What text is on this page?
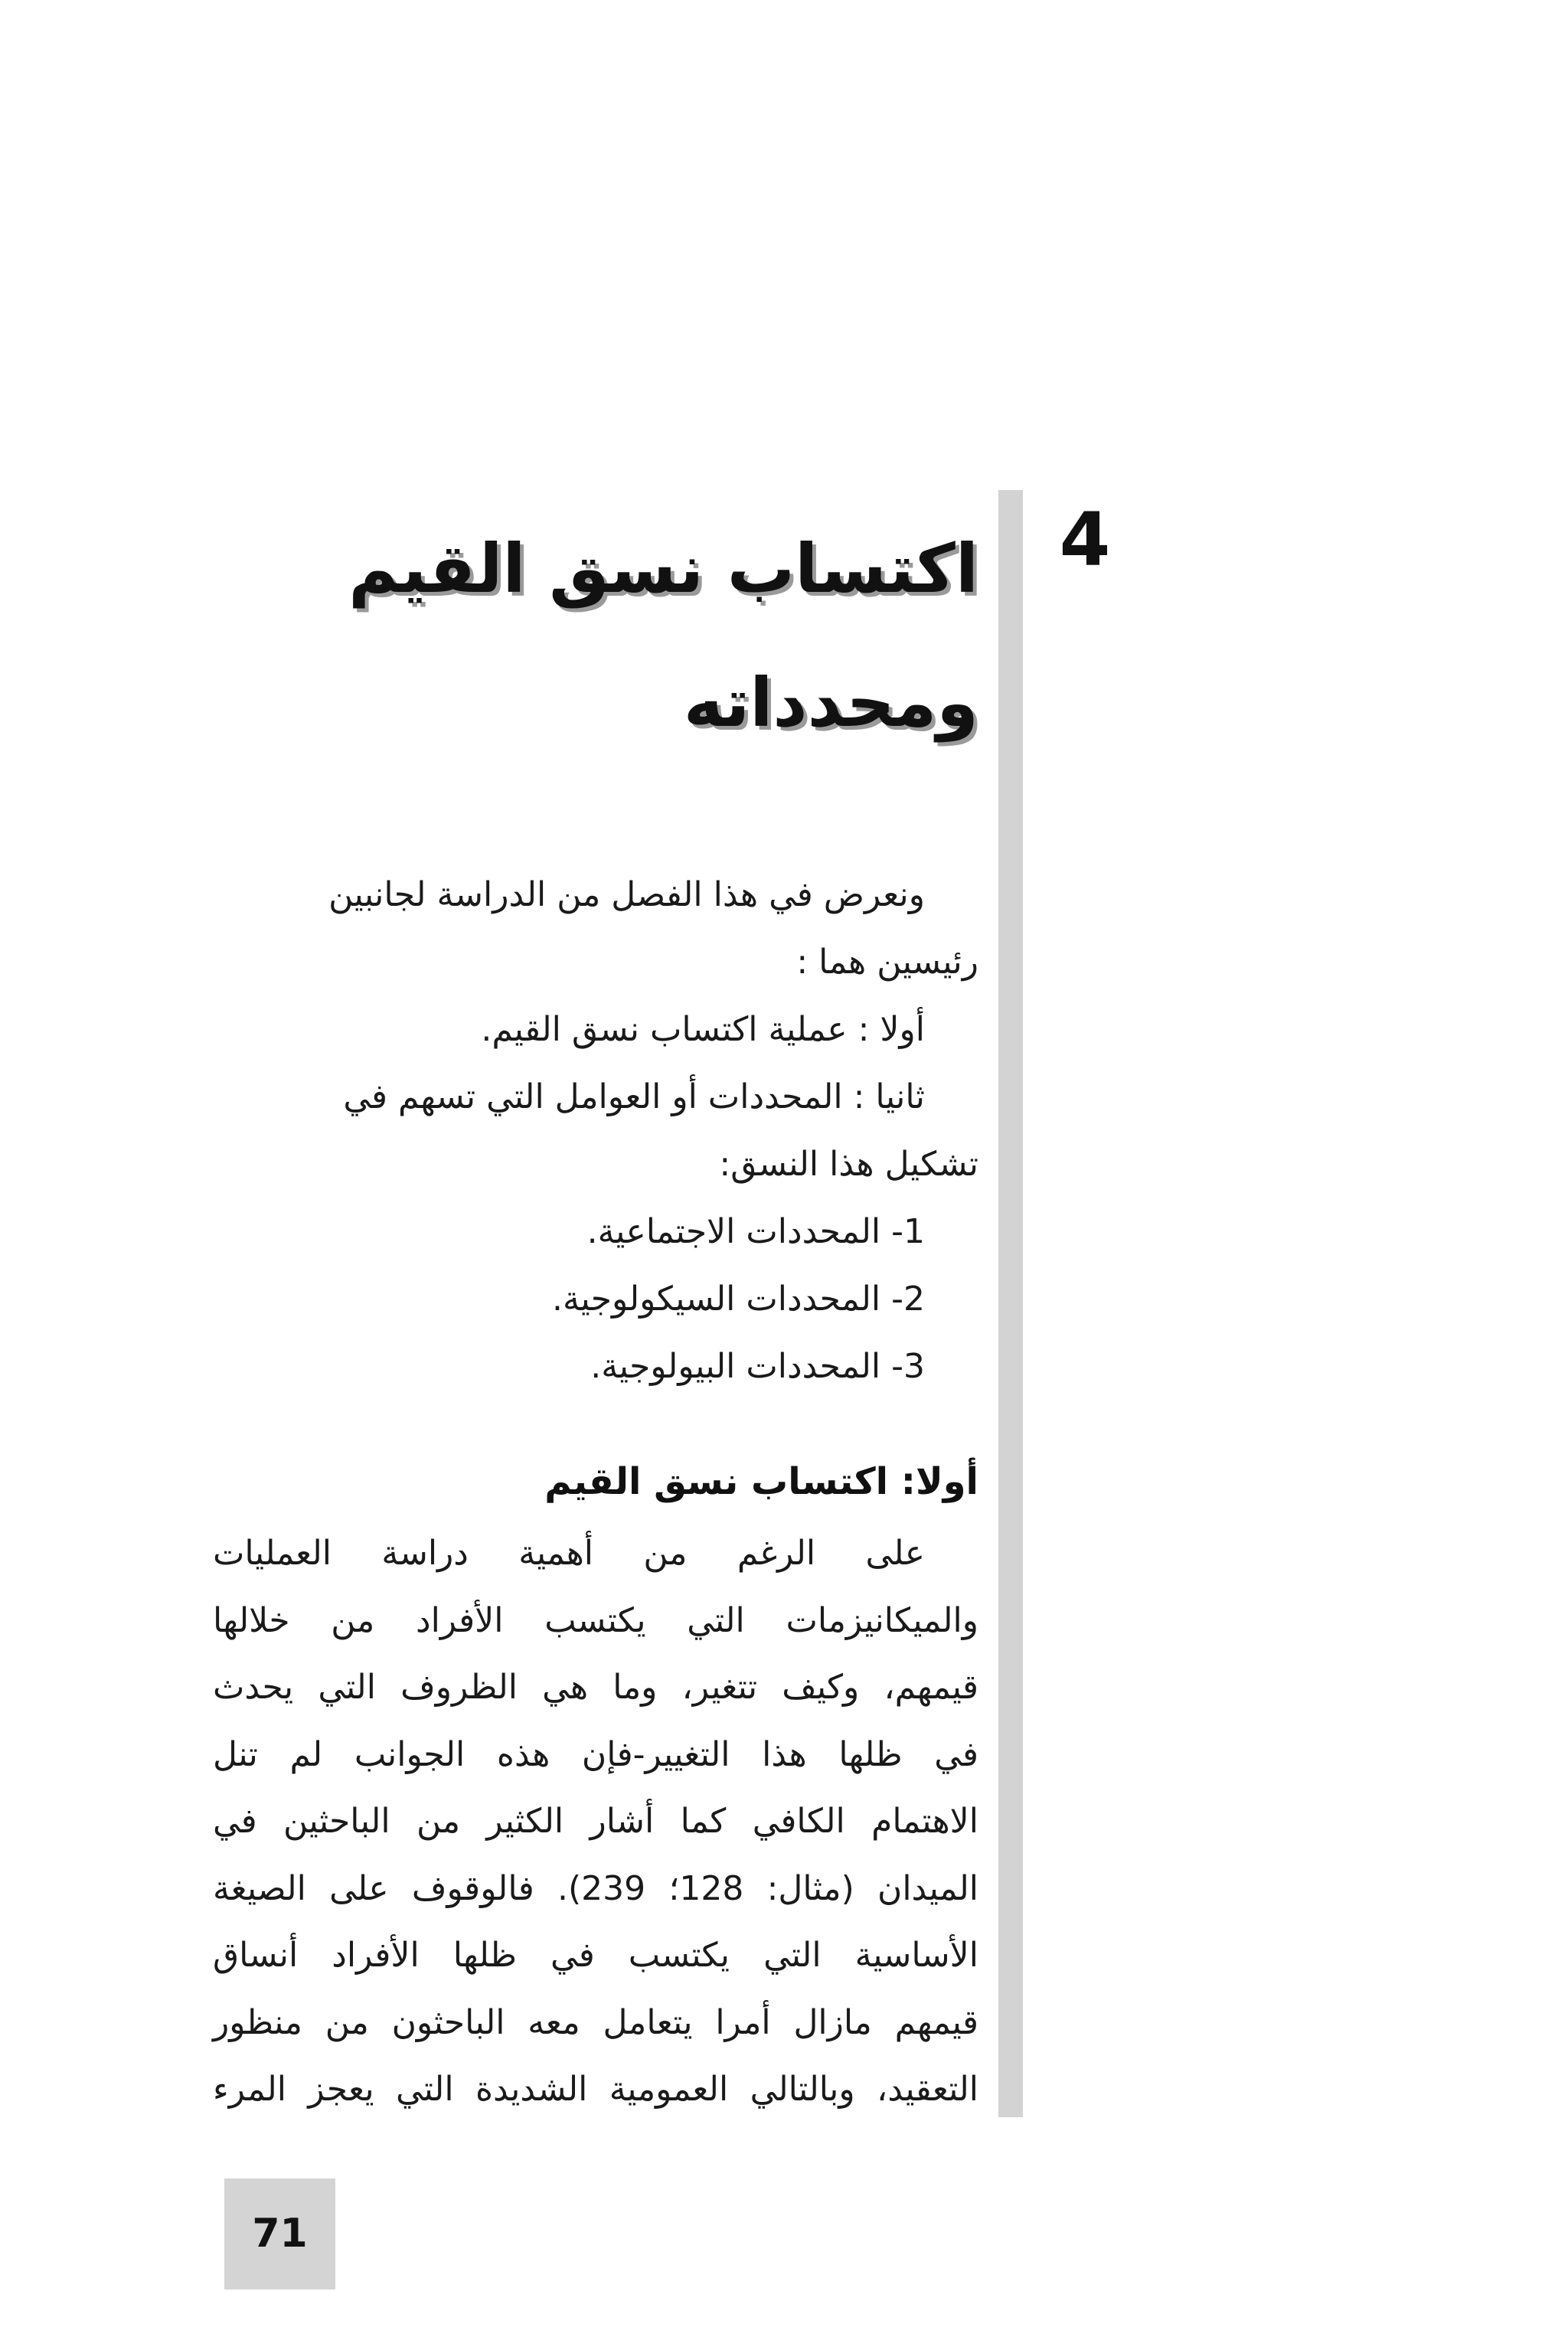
4
اكتساب نسق القيم
ومحدداته
ونعرض في هذا الفصل من الدراسة لجانبين
رئيسين هما :
أولا : عملية اكتساب نسق القيم.
ثانيا : المحددات أو العوامل التي تسهم في
تشكيل هذا النسق:
1- المحددات الاجتماعية.
2- المحددات السيكولوجية.
3- المحددات البيولوجية.
أولا: اكتساب نسق القيم
على الرغم من أهمية دراسة العمليات
والميكانيزمات التي يكتسب الأفراد من خلالها
قيمهم، وكيف تتغير، وما هي الظروف التي يحدث
في ظلها هذا التغيير-فإن هذه الجوانب لم تنل
الاهتمام الكافي كما أشار الكثير من الباحثين في
الميدان (مثال: 128؛ 239). فالوقوف على الصيغة
الأساسية التي يكتسب في ظلها الأفراد أنساق
قيمهم مازال أمرا يتعامل معه الباحثون من منظور
التعقيد، وبالتالي العمومية الشديدة التي يعجز المرء
71
